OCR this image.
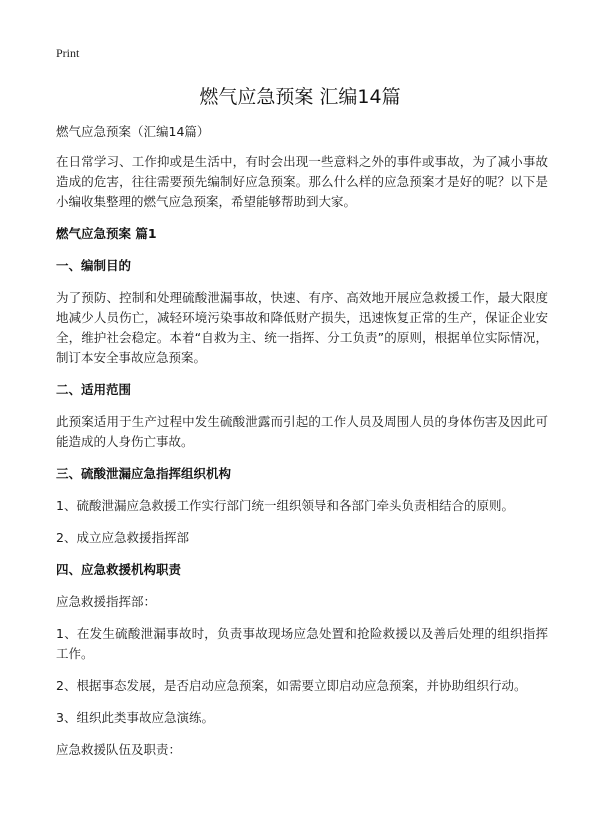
Print
燃气应急预案 汇编14篇

燃气应急预案（汇编14篇）

在日常学习、工作抑或是生活中，有时会出现一些意料之外的事件或事故，为了减小事故造成的危害，往往需要预先编制好应急预案。那么什么样的应急预案才是好的呢？以下是小编收集整理的燃气应急预案，希望能够帮助到大家。

燃气应急预案 篇1

一、编制目的

为了预防、控制和处理硫酸泄漏事故，快速、有序、高效地开展应急救援工作，最大限度地减少人员伤亡，减轻环境污染事故和降低财产损失，迅速恢复正常的生产，保证企业安全，维护社会稳定。本着“自救为主、统一指挥、分工负责”的原则，根据单位实际情况，制订本安全事故应急预案。

二、适用范围

此预案适用于生产过程中发生硫酸泄露而引起的工作人员及周围人员的身体伤害及因此可能造成的人身伤亡事故。

三、硫酸泄漏应急指挥组织机构

1、硫酸泄漏应急救援工作实行部门统一组织领导和各部门牵头负责相结合的原则。

2、成立应急救援指挥部

四、应急救援机构职责

应急救援指挥部：

1、在发生硫酸泄漏事故时，负责事故现场应急处置和抢险救援以及善后处理的组织指挥工作。

2、根据事态发展，是否启动应急预案，如需要立即启动应急预案，并协助组织行动。

3、组织此类事故应急演练。

应急救援队伍及职责：
